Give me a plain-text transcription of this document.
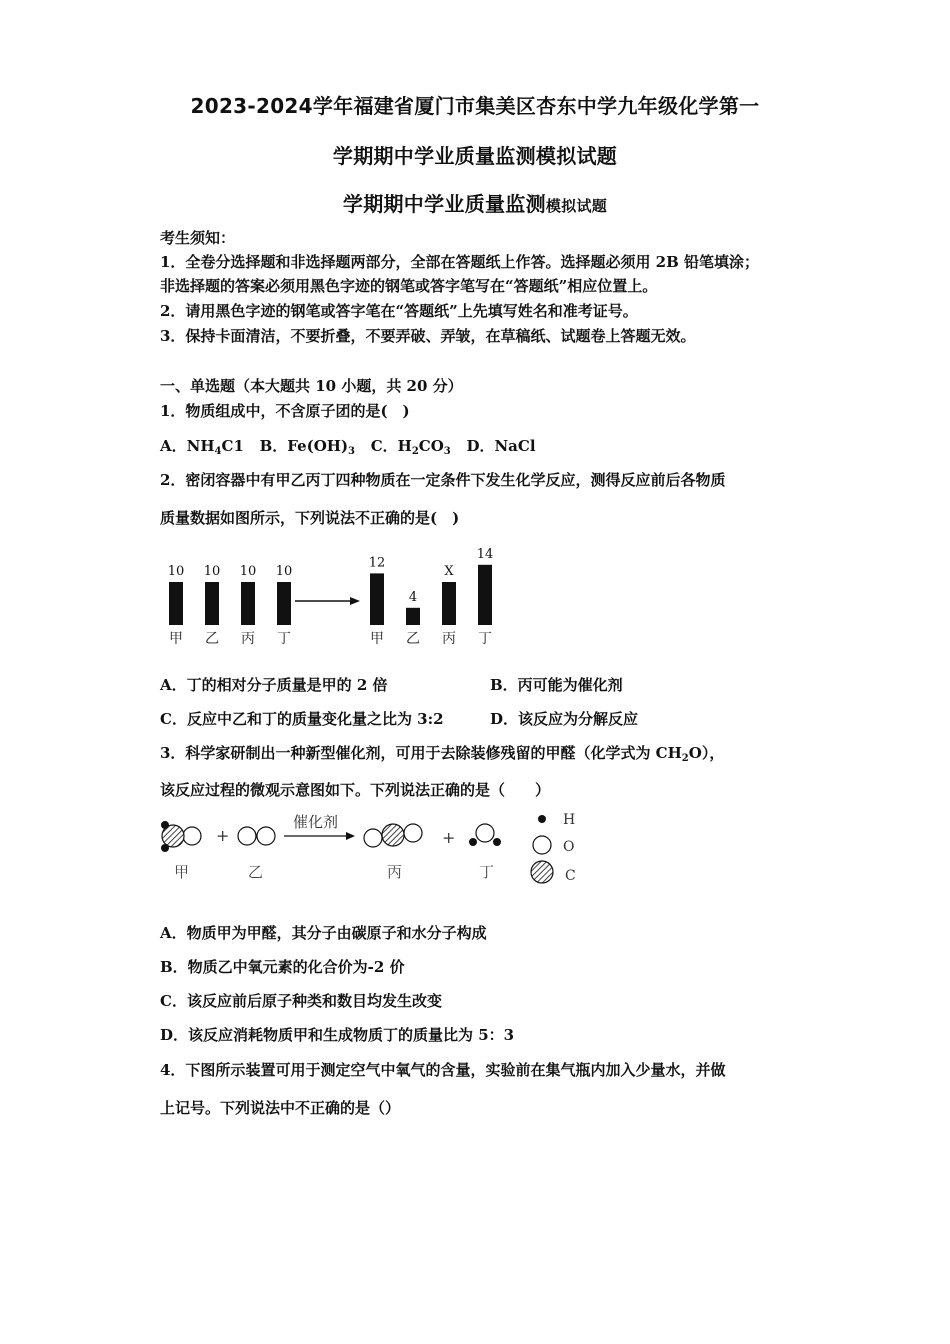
2023-2024学年福建省厦门市集美区杏东中学九年级化学第一
学期期中学业质量监测模拟试题
学期期中学业质量监测模拟试题
考生须知：
1．全卷分选择题和非选择题两部分，全部在答题纸上作答。选择题必须用 2B 铅笔填涂；
非选择题的答案必须用黑色字迹的钢笔或答字笔写在“答题纸”相应位置上。
2．请用黑色字迹的钢笔或答字笔在“答题纸”上先填写姓名和准考证号。
3．保持卡面清洁，不要折叠，不要弄破、弄皱，在草稿纸、试题卷上答题无效。
一、单选题（本大题共 10 小题，共 20 分）
1．物质组成中，不含原子团的是(　)
A．$NH_4C1$ B．$Fe(OH)_3$ C．$H_2CO_3$ D．NaCl
2．密闭容器中有甲乙丙丁四种物质在一定条件下发生化学反应，测得反应前后各物质
质量数据如图所示，下列说法不正确的是(　)
10
甲
10
乙
10
丙
10
丁
12
甲
4
乙
X
丙
14
丁
A．丁的相对分子质量是甲的 2 倍	B．丙可能为催化剂
C．反应中乙和丁的质量变化量之比为 3:2	D．该反应为分解反应
3．科学家研制出一种新型催化剂，可用于去除装修残留的甲醛（化学式为 $CH_2O$），
该反应过程的微观示意图如下。下列说法正确的是（　　）
+
催化剂
+
甲	乙	丙	丁
H
O
C
A．物质甲为甲醛，其分子由碳原子和水分子构成
B．物质乙中氧元素的化合价为-2 价
C．该反应前后原子种类和数目均发生改变
D．该反应消耗物质甲和生成物质丁的质量比为 5：3
4．下图所示装置可用于测定空气中氧气的含量，实验前在集气瓶内加入少量水，并做
上记号。下列说法中不正确的是（）
